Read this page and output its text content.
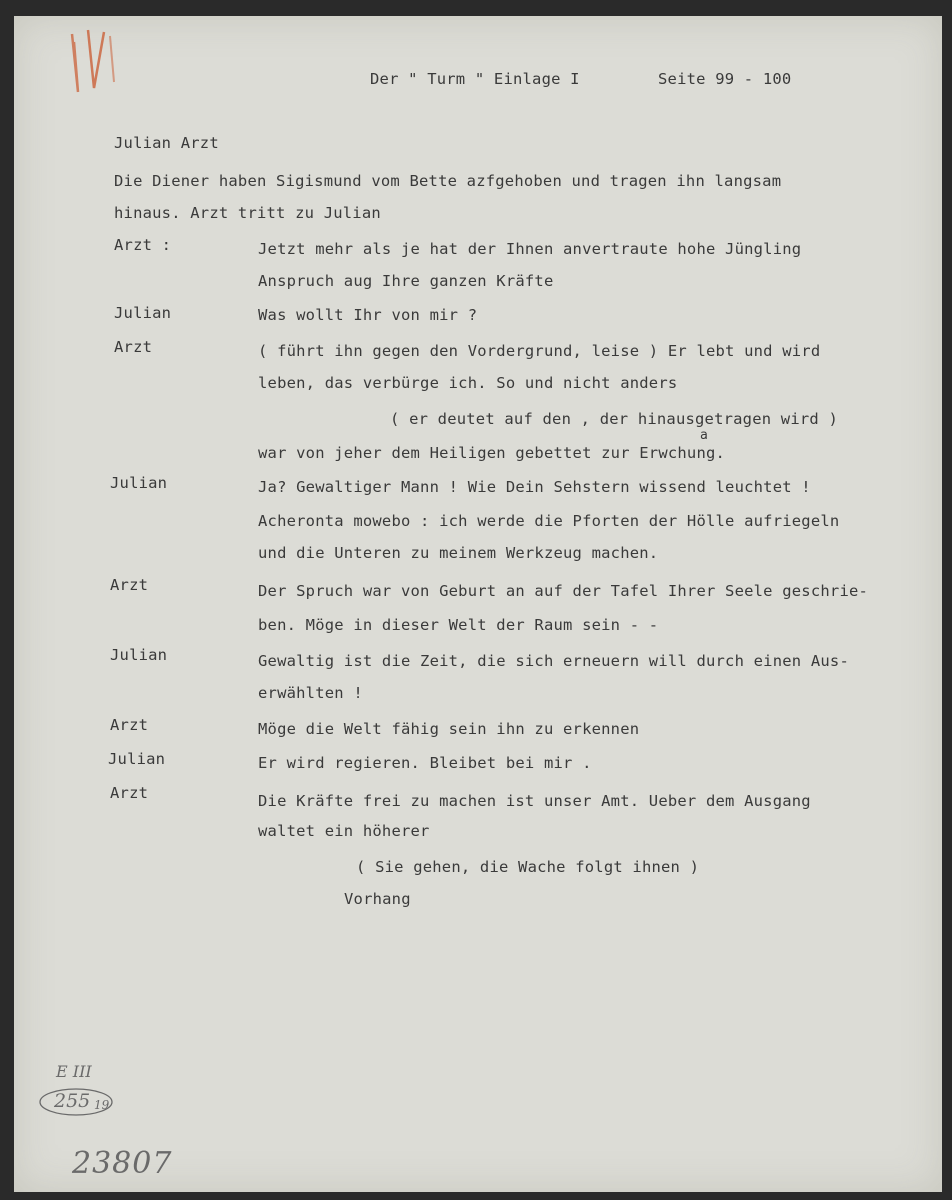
Der " Turm " Einlage I	Seite 99 - 100
Julian Arzt
Die Diener haben Sigismund vom Bette azfgehoben und tragen ihn langsam
hinaus. Arzt tritt zu Julian
Arzt :	Jetzt mehr als je hat der Ihnen anvertraute hohe Jüngling
Anspruch aug Ihre ganzen Kräfte
Julian	Was wollt Ihr von mir ?
Arzt	( führt ihn gegen den Vordergrund, leise ) Er lebt und wird
leben, das verbürge ich. So und nicht anders
( er deutet auf den , der hinausgetragen wird )
a
war von jeher dem Heiligen gebettet zur Erwchung.
Julian	Ja? Gewaltiger Mann ! Wie Dein Sehstern wissend leuchtet !
Acheronta mowebo : ich werde die Pforten der Hölle aufriegeln
und die Unteren zu meinem Werkzeug machen.
Arzt	Der Spruch war von Geburt an auf der Tafel Ihrer Seele geschrie-
ben. Möge in dieser Welt der Raum sein - -
Julian	Gewaltig ist die Zeit, die sich erneuern will durch einen Aus-
erwählten !
Arzt	Möge die Welt fähig sein ihn zu erkennen
Julian	Er wird regieren. Bleibet bei mir .
Arzt	Die Kräfte frei zu machen ist unser Amt. Ueber dem Ausgang
waltet ein höherer
( Sie gehen, die Wache folgt ihnen )
Vorhang
E III
255 19
23807
